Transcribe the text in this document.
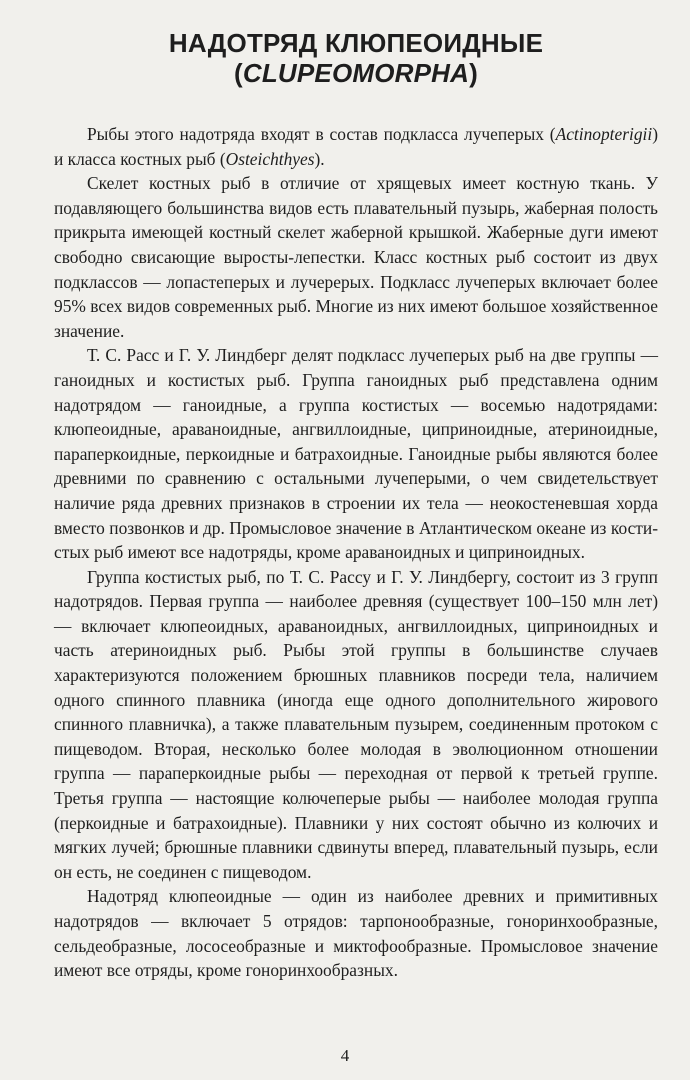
НАДОТРЯД КЛЮПЕОИДНЫЕ
(CLUPEOMORPHA)

Рыбы этого надотряда входят в состав подкласса лучеперых (Actinopterigii) и класса костных рыб (Osteichthyes).

Скелет костных рыб в отличие от хрящевых имеет костную ткань. У подавляющего большинства видов есть плавательный пузырь, жаберная полость прикрыта имеющей костный скелет жаберной крышкой. Жаберные дуги имеют свободно свисающие выросты-лепестки. Класс костных рыб состоит из двух подклассов — лопастеперых и лучерерых. Подкласс лучеперых включает более 95% всех видов современных рыб. Многие из них имеют большое хозяйственное значение.

Т. С. Расс и Г. У. Линдберг делят подкласс лучеперых рыб на две группы — ганоидных и костистых рыб. Группа ганоидных рыб представлена одним надотрядом — ганоидные, а группа костистых — восемью надотрядами: клюпеоидные, араваноидные, ангвиллоидные, циприноидные, атериноидные, параперкоидные, перкоидные и батрахоидные. Ганоидные рыбы являются более древними по сравнению с остальными лучеперыми, о чем свидетельствует наличие ряда древних признаков в строении их тела — неокостеневшая хорда вместо позвонков и др. Промысловое значение в Атлантическом океане из костистых рыб имеют все надотряды, кроме араваноидных и циприноидных.

Группа костистых рыб, по Т. С. Рассу и Г. У. Линдбергу, состоит из 3 групп надотрядов. Первая группа — наиболее древняя (существует 100–150 млн лет) — включает клюпеоидных, араваноидных, ангвиллоидных, циприноидных и часть атериноидных рыб. Рыбы этой группы в большинстве случаев характеризуются положением брюшных плавников посреди тела, наличием одного спинного плавника (иногда еще одного дополнительного жирового спинного плавничка), а также плавательным пузырем, соединенным протоком с пищеводом. Вторая, несколько более молодая в эволюционном отношении группа — параперкоидные рыбы — переходная от первой к третьей группе. Третья группа — настоящие колючеперые рыбы — наиболее молодая группа (перкоидные и батрахоидные). Плавники у них состоят обычно из колючих и мягких лучей; брюшные плавники сдвинуты вперед, плавательный пузырь, если он есть, не соединен с пищеводом.

Надотряд клюпеоидные — один из наиболее древних и примитивных надотрядов — включает 5 отрядов: тарпонообразные, гоноринхообразные, сельдеобразные, лососеобразные и миктофообразные. Промысловое значение имеют все отряды, кроме гоноринхообразных.

4
